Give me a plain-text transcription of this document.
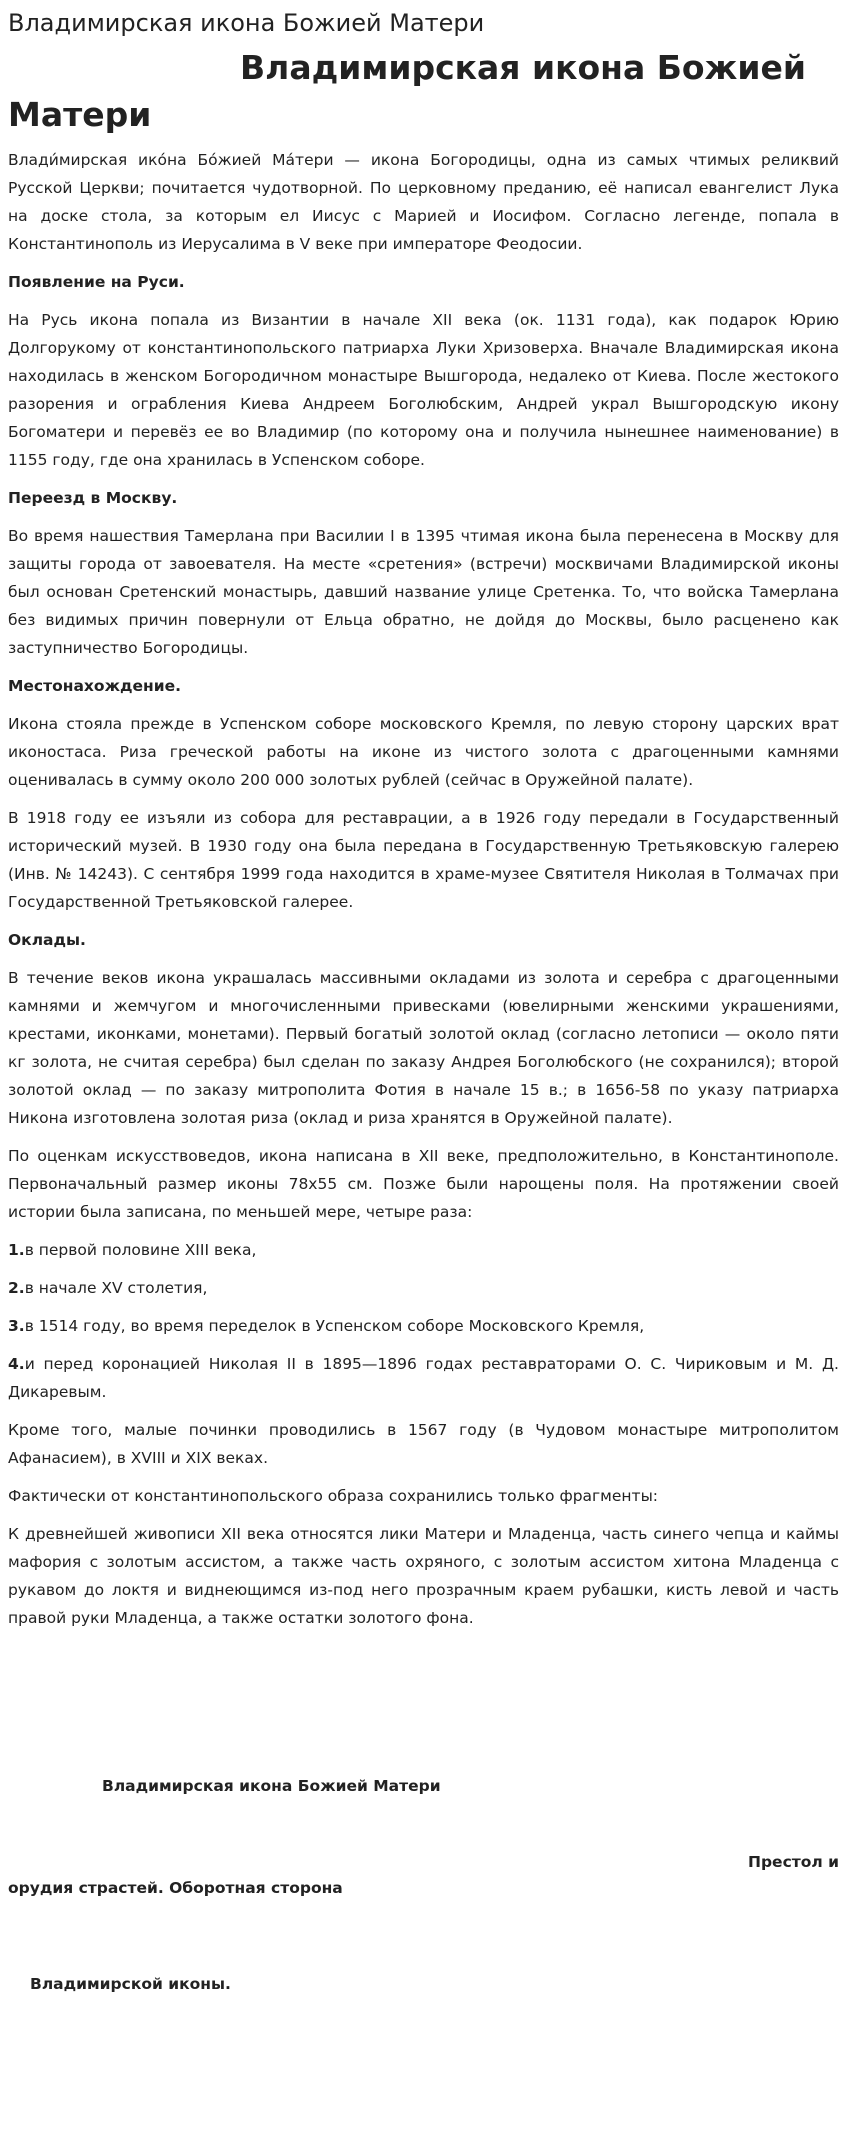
Владимирская икона Божией Матери
Владимирская икона Божией Матери

Влади́мирская ико́на Бо́жией Ма́тери — икона Богородицы, одна из самых чтимых реликвий Русской Церкви; почитается чудотворной. По церковному преданию, её написал евангелист Лука на доске стола, за которым ел Иисус с Марией и Иосифом. Согласно легенде, попала в Константинополь из Иерусалима в V веке при императоре Феодосии.

Появление на Руси.

На Русь икона попала из Византии в начале XII века (ок. 1131 года), как подарок Юрию Долгорукому от константинопольского патриарха Луки Хризоверха. Вначале Владимирская икона находилась в женском Богородичном монастыре Вышгорода, недалеко от Киева. После жестокого разорения и ограбления Киева Андреем Боголюбским, Андрей украл Вышгородскую икону Богоматери и перевёз ее во Владимир (по которому она и получила нынешнее наименование) в 1155 году, где она хранилась в Успенском соборе.

Переезд в Москву.

Во время нашествия Тамерлана при Василии I в 1395 чтимая икона была перенесена в Москву для защиты города от завоевателя. На месте «сретения» (встречи) москвичами Владимирской иконы был основан Сретенский монастырь, давший название улице Сретенка. То, что войска Тамерлана без видимых причин повернули от Ельца обратно, не дойдя до Москвы, было расценено как заступничество Богородицы.

Местонахождение.

Икона стояла прежде в Успенском соборе московского Кремля, по левую сторону царских врат иконостаса. Риза греческой работы на иконе из чистого золота с драгоценными камнями оценивалась в сумму около 200 000 золотых рублей (сейчас в Оружейной палате).

В 1918 году ее изъяли из собора для реставрации, а в 1926 году передали в Государственный исторический музей. В 1930 году она была передана в Государственную Третьяковскую галерею (Инв. № 14243). С сентября 1999 года находится в храме-музее Святителя Николая в Толмачах при Государственной Третьяковской галерее.

Оклады.

В течение веков икона украшалась массивными окладами из золота и серебра с драгоценными камнями и жемчугом и многочисленными привесками (ювелирными женскими украшениями, крестами, иконками, монетами). Первый богатый золотой оклад (согласно летописи — около пяти кг золота, не считая серебра) был сделан по заказу Андрея Боголюбского (не сохранился); второй золотой оклад — по заказу митрополита Фотия в начале 15 в.; в 1656-58 по указу патриарха Никона изготовлена золотая риза (оклад и риза хранятся в Оружейной палате).

По оценкам искусствоведов, икона написана в XII веке, предположительно, в Константинополе. Первоначальный размер иконы 78x55 см. Позже были нарощены поля. На протяжении своей истории была записана, по меньшей мере, четыре раза:

1.в первой половине XIII века,

2.в начале XV столетия,

3.в 1514 году, во время переделок в Успенском соборе Московского Кремля,

4.и перед коронацией Николая II в 1895—1896 годах реставраторами О. С. Чириковым и М. Д. Дикаревым.

Кроме того, малые починки проводились в 1567 году (в Чудовом монастыре митрополитом Афанасием), в XVIII и XIX веках.

Фактически от константинопольского образа сохранились только фрагменты:

К древнейшей живописи XII века относятся лики Матери и Младенца, часть синего чепца и каймы мафория с золотым ассистом, а также часть охряного, с золотым ассистом хитона Младенца с рукавом до локтя и виднеющимся из-под него прозрачным краем рубашки, кисть левой и часть правой руки Младенца, а также остатки золотого фона.

Владимирская икона Божией Матери
Престол и
орудия страстей. Оборотная сторона
Владимирской иконы.
